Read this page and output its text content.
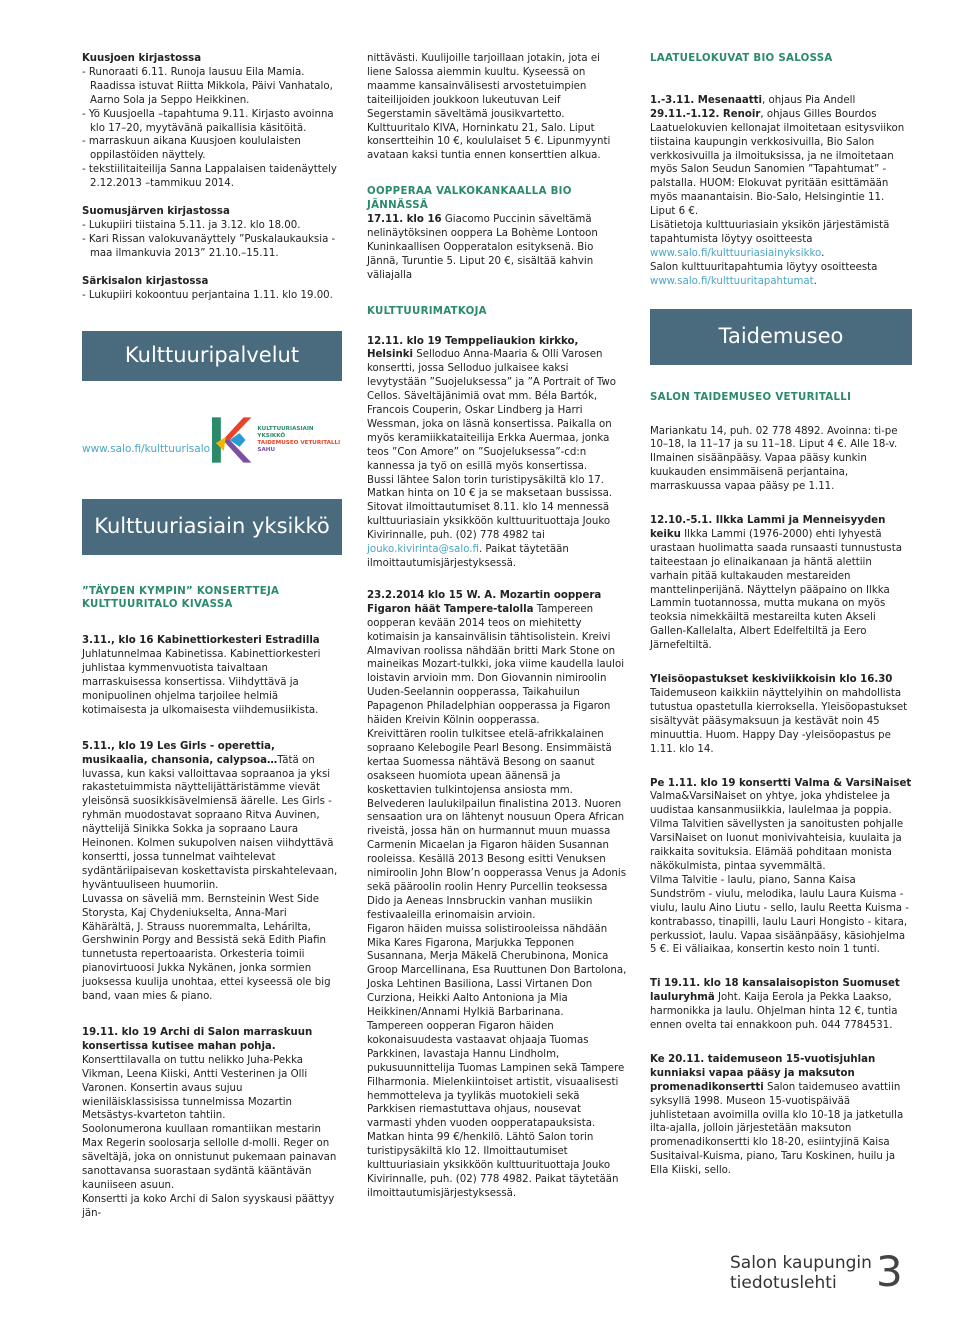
Kuusjoen kirjastossa

- Runoraati 6.11. Runoja lausuu Eila Mamia. Raadissa istuvat Riitta Mikkola, Päivi Vanhatalo, Aarno Sola ja Seppo Heikkinen.

- Yö Kuusjoella –tapahtuma 9.11. Kirjasto avoinna klo 17–20, myytävänä paikallisia käsitöitä.

- marraskuun aikana Kuusjoen koululaisten oppilastöiden näyttely.

- tekstiilitaiteilija Sanna Lappalaisen taidenäyttely 2.12.2013 –tammikuu 2014.

Suomusjärven kirjastossa

- Lukupiiri tiistaina 5.11. ja 3.12. klo 18.00.

- Kari Rissan valokuvanäyttely ”Puskalaukauksia - maa ilmankuvia 2013” 21.10.–15.11.

Särkisalon kirjastossa

- Lukupiiri kokoontuu perjantaina 1.11. klo 19.00.

Kulttuuripalvelut
www.salo.fi/kulttuurisalo
KULTTUURIASIAIN YKSIKKÖ
TAIDEMUSEO VETURITALLI
SAHU
Kulttuuriasiain yksikkö

”TÄYDEN KYMPIN” KONSERTTEJA KULTTUURITALO KIVASSA

3.11., klo 16 Kabinettiorkesteri Estradilla Juhlatunnelmaa Kabinetissa. Kabinettiorkesteri juhlistaa kymmenvuotista taivaltaan marraskuisessa konsertissa. Viihdyttävä ja monipuolinen ohjelma tarjoilee helmiä kotimaisesta ja ulkomaisesta viihdemusiikista.

5.11., klo 19 Les Girls - operettia, musikaalia, chansonia, calypsoa…Tätä on luvassa, kun kaksi valloittavaa sopraanoa ja yksi rakastetuimmista näyttelijättäristämme vievät yleisönsä suosikkisävelmiensä äärelle. Les Girls -ryhmän muodostavat sopraano Ritva Auvinen, näyttelijä Sinikka Sokka ja sopraano Laura Heinonen. Kolmen sukupolven naisen viihdyttävä konsertti, jossa tunnelmat vaihtelevat sydäntäriipaisevan koskettavista pirskahtelevaan, hyväntuuliseen huumoriin.

Luvassa on säveliä mm. Bernsteinin West Side Storysta, Kaj Chydeniukselta, Anna-Mari Kähärältä, J. Strauss nuoremmalta, Lehárilta, Gershwinin Porgy and Bessistä sekä Edith Piafin tunnetusta repertoaarista. Orkesteria toimii pianovirtuoosi Jukka Nykänen, jonka sormien juoksessa kuulija unohtaa, ettei kyseessä ole big band, vaan mies & piano.

19.11. klo 19 Archi di Salon marraskuun konsertissa kutisee mahan pohja. Konserttilavalla on tuttu nelikko Juha-Pekka Vikman, Leena Kiiski, Antti Vesterinen ja Olli Varonen. Konsertin avaus sujuu wieniläisklassisissa tunnelmissa Mozartin Metsästys-kvarteton tahtiin.

Soolonumerona kuullaan romantiikan mestarin Max Regerin soolosarja sellolle d-molli. Reger on säveltäjä, joka on onnistunut pukemaan painavan sanottavansa suorastaan sydäntä kääntävän kauniiseen asuun.

Konsertti ja koko Archi di Salon syyskausi päättyy jän-

nittävästi. Kuulijoille tarjoillaan jotakin, jota ei liene Salossa aiemmin kuultu. Kyseessä on maamme kansainvälisesti arvostetuimpien taiteilijoiden joukkoon lukeutuvan Leif Segerstamin säveltämä jousikvartetto.

Kulttuuritalo KIVA, Horninkatu 21, Salo. Liput konsertteihin 10 €, koululaiset 5 €. Lipunmyynti avataan kaksi tuntia ennen konserttien alkua.

OOPPERAA VALKOKANKAALLA BIO JÄNNÄSSÄ

17.11. klo 16 Giacomo Puccinin säveltämä nelinäytöksinen ooppera La Bohème Lontoon Kuninkaallisen Oopperatalon esityksenä. Bio Jännä, Turuntie 5. Liput 20 €, sisältää kahvin väliajalla

KULTTUURIMATKOJA

12.11. klo 19 Temppeliaukion kirkko, Helsinki Selloduo Anna-Maaria & Olli Varosen konsertti, jossa Selloduo julkaisee kaksi levytystään ”Suojeluksessa” ja ”A Portrait of Two Cellos. Säveltäjänimiä ovat mm. Béla Bartók, Francois Couperin, Oskar Lindberg ja Harri Wessman, joka on läsnä konsertissa. Paikalla on myös keramiikkataiteilija Erkka Auermaa, jonka teos ”Con Amore” on ”Suojeluksessa”-cd:n kannessa ja työ on esillä myös konsertissa.

Bussi lähtee Salon torin turistipysäkiltä klo 17. Matkan hinta on 10 € ja se maksetaan bussissa. Sitovat ilmoittautumiset 8.11. klo 14 mennessä kulttuuriasiain yksikköön kulttuurituottaja Jouko Kivirinnalle, puh. (02) 778 4982 tai jouko.kivirinta@salo.fi. Paikat täytetään ilmoittautumisjärjestyksessä.

23.2.2014 klo 15 W. A. Mozartin ooppera Figaron häät Tampere-talolla Tampereen oopperan kevään 2014 teos on miehitetty kotimaisin ja kansainvälisin tähtisolistein. Kreivi Almavivan roolissa nähdään britti Mark Stone on maineikas Mozart-tulkki, joka viime kaudella lauloi loistavin arvioin mm. Don Giovannin nimiroolin Uuden-Seelannin oopperassa, Taikahuilun Papagenon Philadelphian oopperassa ja Figaron häiden Kreivin Kölnin oopperassa.

Kreivittären roolin tulkitsee etelä-afrikkalainen sopraano Kelebogile Pearl Besong. Ensimmäistä kertaa Suomessa nähtävä Besong on saanut osakseen huomiota upean äänensä ja koskettavien tulkintojensa ansiosta mm. Belvederen laulukilpailun finalistina 2013. Nuoren sensaation ura on lähtenyt nousuun Opera African riveistä, jossa hän on hurmannut muun muassa Carmenin Micaelan ja Figaron häiden Susannan rooleissa. Kesällä 2013 Besong esitti Venuksen nimiroolin John Blow’n oopperassa Venus ja Adonis sekä pääroolin roolin Henry Purcellin teoksessa Dido ja Aeneas Innsbruckin vanhan musiikin festivaaleilla erinomaisin arvioin.

Figaron häiden muissa solistirooleissa nähdään Mika Kares Figarona, Marjukka Tepponen Susannana, Merja Mäkelä Cherubinona, Monica Groop Marcellinana, Esa Ruuttunen Don Bartolona, Joska Lehtinen Basiliona, Lassi Virtanen Don Curziona, Heikki Aalto Antoniona ja Mia Heikkinen/Annami Hylkiä Barbarinana.

Tampereen oopperan Figaron häiden kokonaisuudesta vastaavat ohjaaja Tuomas Parkkinen, lavastaja Hannu Lindholm, pukusuunnittelija Tuomas Lampinen sekä Tampere Filharmonia. Mielenkiintoiset artistit, visuaalisesti hemmotteleva ja tyylikäs muotokieli sekä Parkkisen riemastuttava ohjaus, nousevat varmasti yhden vuoden oopperatapauksista.

Matkan hinta 99 €/henkilö. Lähtö Salon torin turistipysäkiltä klo 12. Ilmoittautumiset kulttuuriasiain yksikköön kulttuurituottaja Jouko Kivirinnalle, puh. (02) 778 4982. Paikat täytetään ilmoittautumisjärjestyksessä.

LAATUELOKUVAT BIO SALOSSA

1.-3.11. Mesenaatti, ohjaus Pia Andell

29.11.-1.12. Renoir, ohjaus Gilles Bourdos

Laatuelokuvien kellonajat ilmoitetaan esitysviikon tiistaina kaupungin verkkosivuilla, Bio Salon verkkosivuilla ja ilmoituksissa, ja ne ilmoitetaan myös Salon Seudun Sanomien ”Tapahtumat” -palstalla. HUOM: Elokuvat pyritään esittämään myös maanantaisin. Bio-Salo, Helsingintie 11. Liput 6 €.

Lisätietoja kulttuuriasiain yksikön järjestämistä tapahtumista löytyy osoitteesta www.salo.fi/kulttuuriasiainyksikko.

Salon kulttuuritapahtumia löytyy osoitteesta www.salo.fi/kulttuuritapahtumat.

Taidemuseo

SALON TAIDEMUSEO VETURITALLI

Mariankatu 14, puh. 02 778 4892. Avoinna: ti-pe 10–18, la 11–17 ja su 11–18. Liput 4 €. Alle 18-v. Ilmainen sisäänpääsy. Vapaa pääsy kunkin kuukauden ensimmäisenä perjantaina, marraskuussa vapaa pääsy pe 1.11.

12.10.-5.1. Ilkka Lammi ja Menneisyyden keiku Ilkka Lammi (1976-2000) ehti lyhyestä urastaan huolimatta saada runsaasti tunnustusta taiteestaan jo elinaikanaan ja häntä alettiin varhain pitää kultakauden mestareiden manttelinperijänä. Näyttelyn pääpaino on Ilkka Lammin tuotannossa, mutta mukana on myös teoksia nimekkäiltä mestareilta kuten Akseli Gallen-Kallelalta, Albert Edelfeltiltä ja Eero Järnefeltiltä.

Yleisöopastukset keskiviikkoisin klo 16.30 Taidemuseon kaikkiin näyttelyihin on mahdollista tutustua opastetulla kierroksella. Yleisöopastukset sisältyvät pääsymaksuun ja kestävät noin 45 minuuttia. Huom. Happy Day -yleisöopastus pe 1.11. klo 14.

Pe 1.11. klo 19 konsertti Valma & VarsiNaiset Valma&VarsiNaiset on yhtye, joka yhdistelee ja uudistaa kansanmusiikkia, laulelmaa ja poppia. Vilma Talvitien sävellysten ja sanoitusten pohjalle VarsiNaiset on luonut monivivahteisia, kuulaita ja raikkaita sovituksia. Elämää pohditaan monista näkökulmista, pintaa syvemmältä.

Vilma Talvitie - laulu, piano, Sanna Kaisa Sundström - viulu, melodika, laulu Laura Kuisma - viulu, laulu Aino Liutu - sello, laulu Reetta Kuisma - kontrabasso, tinapilli, laulu Lauri Hongisto - kitara, perkussiot, laulu. Vapaa sisäänpääsy, käsiohjelma 5 €. Ei väliaikaa, konsertin kesto noin 1 tunti.

Ti 19.11. klo 18 kansalaisopiston Suomuset lauluryhmä Joht. Kaija Eerola ja Pekka Laakso, harmonikka ja laulu. Ohjelman hinta 12 €, tuntia ennen ovelta tai ennakkoon puh. 044 7784531.

Ke 20.11. taidemuseon 15-vuotisjuhlan kunniaksi vapaa pääsy ja maksuton promenadikonsertti Salon taidemuseo avattiin syksyllä 1998. Museon 15-vuotispäivää juhlistetaan avoimilla ovilla klo 10-18 ja jatketulla ilta-ajalla, jolloin järjestetään maksuton promenadikonsertti klo 18-20, esiintyjinä Kaisa Susitaival-Kuisma, piano, Taru Koskinen, huilu ja Ella Kiiski, sello.

Salon kaupungin
tiedotuslehti 3
